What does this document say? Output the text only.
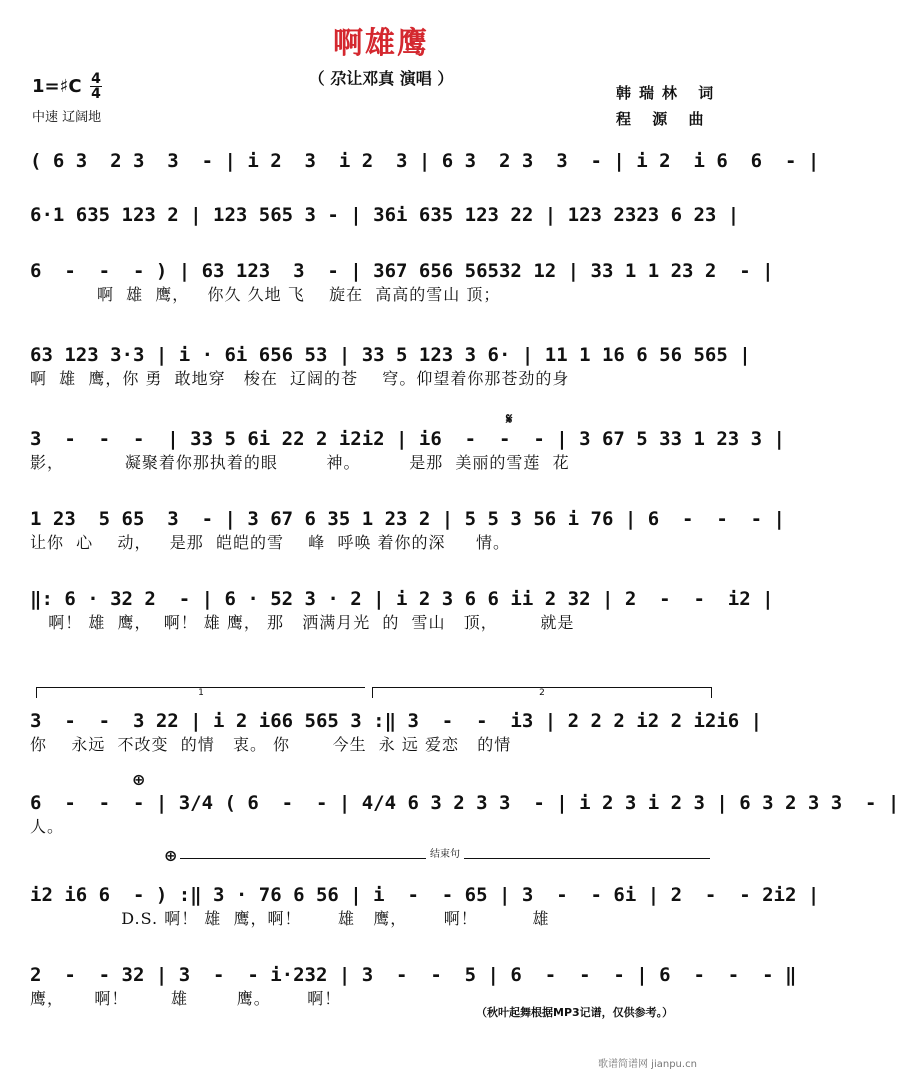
啊雄鹰
（ 尕让邓真 演唱 ）
1=♯C 4
4
中速 辽阔地
韩瑞林 词
程 源 曲
( 6 3  2 3  3  - | i 2  3  i 2  3 | 6 3  2 3  3  - | i 2  i 6  6  - |
6·1 635 123 2 | 123 565 3 - | 36i 635 123 22 | 123 2323 6 23 |
6  -  -  - ) | 63 123  3  - | 367 656 56532 12 | 33 1 1 23 2  - |
啊  雄  鹰，   你久 久地 飞    旋在  高高的雪山 顶；
63 123 3·3 | i · 6i 656 53 | 33 5 123 3 6· | 11 1 16 6 56 565 |
啊  雄  鹰，你 勇  敢地穿   梭在  辽阔的苍    穹。仰望着你那苍劲的身
𝄋
3  -  -  -  | 33 5 6i 22 2 i2i2 | i6  -  -  - | 3 67 5 33 1 23 3 |
影，          凝聚着你那执着的眼        神。        是那  美丽的雪莲  花
1 23  5 65  3  - | 3 67 6 35 1 23 2 | 5 5 3 56 i 76 | 6  -  -  - |
让你  心    动，   是那  皑皑的雪    峰  呼唤 着你的深     情。
‖: 6 · 32 2  - | 6 · 52 3 · 2 | i 2 3 6 6 ii 2 32 | 2  -  -  i2 |
啊！ 雄  鹰，  啊！ 雄 鹰， 那   洒满月光  的  雪山   顶，       就是
1	2
3  -  -  3 22 | i 2 i66 565 3 :‖ 3  -  -  i3 | 2 2 2 i2 2 i2i6 |
你    永远  不改变  的情   衷。 你       今生  永 远 爱恋   的情
⊕
6  -  -  - | 3/4 ( 6  -  - | 4/4 6 3 2 3 3  - | i 2 3 i 2 3 | 6 3 2 3 3  - |
人。
⊕	结束句
i2 i6 6  - ) :‖ 3 · 76 6 56 | i  -  - 65 | 3  -  - 6i | 2  -  - 2i2 |
D.S. 啊！ 雄  鹰，啊！      雄   鹰，      啊！         雄
2  -  - 32 | 3  -  - i·232 | 3  -  -  5 | 6  -  -  - | 6  -  -  - ‖
鹰，     啊！       雄        鹰。      啊！
（秋叶起舞根据MP3记谱，仅供参考。）
歌谱简谱网 jianpu.cn
